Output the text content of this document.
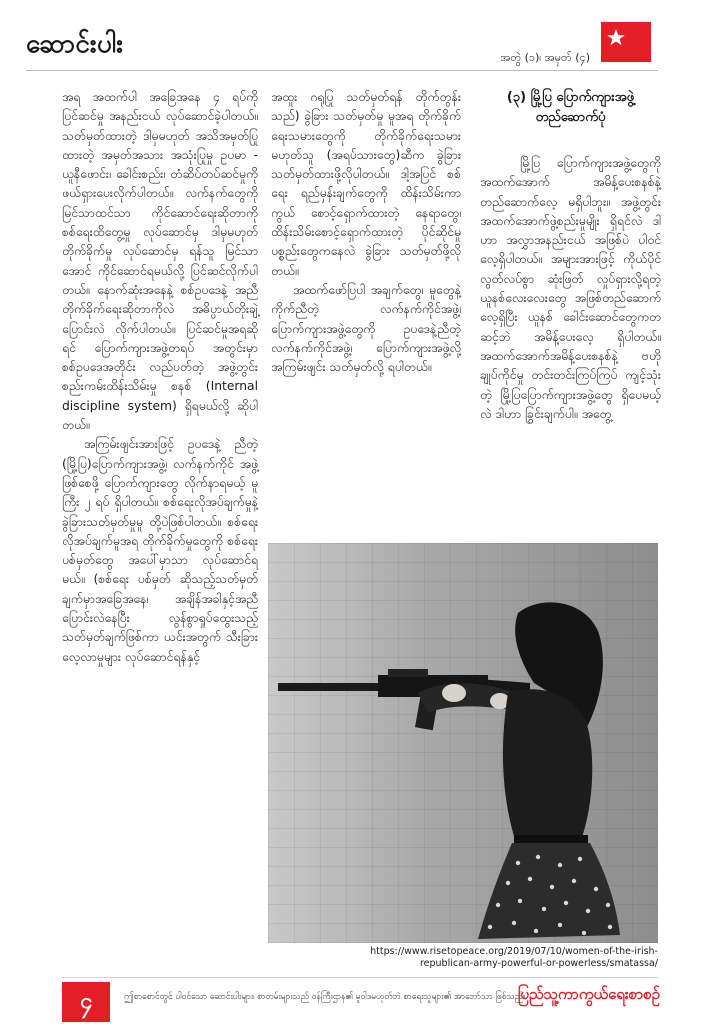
ဆောင်းပါး	အတွဲ (၁)၊ အမှတ် (၄)

အရ အထက်ပါ အခြေအနေ ၄ ရပ်ကို ပြင်ဆင်မှု အနည်းငယ် လုပ်ဆောင်ခဲ့ပါတယ်။ သတ်မှတ်ထားတဲ့ ဒါမှမဟုတ် အသိအမှတ်ပြုထားတဲ့ အမှတ်အသား အသုံးပြုမှု ဥပမာ - ယူနီဖောင်း၊ ခေါင်းစည်း၊ တံဆိပ်တပ်ဆင်မှုကို ဖယ်ရှားပေးလိုက်ပါတယ်။ လက်နက်တွေကို မြင်သာထင်သာ ကိုင်ဆောင်ရေးဆိုတာကို စစ်ရေးထိတွေ့မှု လုပ်ဆောင်မှ ဒါမှမဟုတ် တိုက်ခိုက်မှု လုပ်ဆောင်မှ ရန်သူ မြင်သာအောင် ကိုင်ဆောင်ရမယ်လို့ ပြင်ဆင်လိုက်ပါတယ်။ နောက်ဆုံးအနေနဲ့ စစ်ဥပဒေနဲ့ အညီ တိုက်ခိုက်ရေးဆိုတာကိုလဲ အဓိပ္ပာယ်တိုးချဲ့ ပြောင်းလဲ လိုက်ပါတယ်။ ပြင်ဆင်မှုအရဆိုရင် ပြောက်ကျားအဖွဲ့တရပ် အတွင်းမှာ စစ်ဥပဒေအတိုင်း လည်ပတ်တဲ့ အဖွဲ့တွင်းစည်းကမ်းထိန်းသိမ်းမှု စနစ် (Internal discipline system) ရှိရမယ်လို့ ဆိုပါတယ်။

အကြမ်းဖျင်းအားဖြင့် ဥပဒေနဲ့ ညီတဲ့ (မြို့ပြ)ပြောက်ကျားအဖွဲ့၊ လက်နက်ကိုင် အဖွဲ့ ဖြစ်စေဖို့ ပြောက်ကျားတွေ လိုက်နာရမယ့် မူကြီး ၂ ရပ် ရှိပါတယ်။ စစ်ရေးလိုအပ်ချက်မှုနဲ့ခွဲခြားသတ်မှတ်မှုမူ တို့ပဲဖြစ်ပါတယ်။ စစ်ရေးလိုအပ်ချက်မူအရ တိုက်ခိုက်မှုတွေကို စစ်ရေးပစ်မှတ်တွေ အပေါ်မှာသာ လုပ်ဆောင်ရမယ်။ (စစ်ရေး ပစ်မှတ် ဆိုသည့်သတ်မှတ်ချက်မှာအခြေအနေ၊ အချိန်အခါနှင့်အညီ ပြောင်းလဲနေပြီး လွန်စွာရှုပ်ထွေးသည့်သတ်မှတ်ချက်ဖြစ်ကာ ယင်းအတွက် သီးခြားလေ့လာမှုများ လုပ်ဆောင်ရန်နှင့်

အထူး ဂရုပြု သတ်မှတ်ရန် တိုက်တွန်းသည်) ခွဲခြား သတ်မှတ်မှု မူအရ တိုက်ခိုက်ရေးသမားတွေကို တိုက်ခိုက်ရေးသမား မဟုတ်သူ (အရပ်သားတွေ)ဆီက ခွဲခြားသတ်မှတ်ထားဖို့လိုပါတယ်။ ဒါ့အပြင် စစ်ရေး ရည်မှန်းချက်တွေကို ထိန်းသိမ်းကာကွယ် စောင့်ရှောက်ထားတဲ့ နေရာတွေ၊ ထိန်းသိမ်းစောင့်ရှောက်ထားတဲ့ ပိုင်ဆိုင်မှု ပစ္စည်းတွေကနေလဲ ခွဲခြား သတ်မှတ်ဖို့လိုတယ်။

အထက်ဖော်ပြပါ အချက်တွေ၊ မူတွေနဲ့ ကိုက်ညီတဲ့ လက်နက်ကိုင်အဖွဲ့၊ ပြောက်ကျားအဖွဲ့တွေကို ဥပဒေနဲ့ညီတဲ့ လက်နက်ကိုင်အဖွဲ့၊ ပြောက်ကျားအဖွဲ့လို့ အကြမ်းဖျင်း သတ်မှတ်လို့ ရပါတယ်။

(၃) မြို့ပြ ပြောက်ကျားအဖွဲ့ တည်ဆောက်ပုံ

မြို့ပြ ပြောက်ကျားအဖွဲ့တွေကို အထက်အောက် အမိန့်ပေးစနစ်နဲ့ တည်ဆောက်လေ့ မရှိပါဘူး။ အဖွဲ့တွင်း အထက်အောက်ဖွဲ့စည်းမှုမျိုး ရှိရင်လဲ ဒါဟာ အလွှာအနည်းငယ် အဖြစ်ပဲ ပါဝင်လေ့ရှိပါတယ်။ အများအားဖြင့် ကိုယ်ပိုင်လွတ်လပ်စွာ ဆုံးဖြတ် လှုပ်ရှားလို့ရတဲ့ ယူနစ်လေးလေးတွေ အဖြစ်တည်ဆောက်လေ့ရှိပြီး ယူနစ် ခေါင်းဆောင်တွေကတဆင့်ဘဲ အမိန့်ပေးလေ့ ရှိပါတယ်။ အထက်အောက်အမိန့်ပေးစနစ်နဲ့ ဗဟိုချုပ်ကိုင်မှု တင်းတင်းကြပ်ကြပ် ကျင့်သုံးတဲ့ မြို့ပြပြောက်ကျားအဖွဲ့တွေ ရှိပေမယ့်လဲ ဒါဟာ ခြွင်းချက်ပါ။ အတွေ့

https://www.risetopeace.org/2019/07/10/women-of-the-irish-republican-army-powerful-or-powerless/smatassa/
၄	ဤစာစောင်တွင် ပါဝင်သော ဆောင်းပါးများ၊ စာတမ်းများသည် ဝန်ကြီးဌာန၏ မူဝါဒမဟုတ်ဘဲ စာရေးသူများ၏ အာဘော်သာ ဖြစ်သည်။
ပြည်သူ့ကာကွယ်ရေးစာစဉ်
